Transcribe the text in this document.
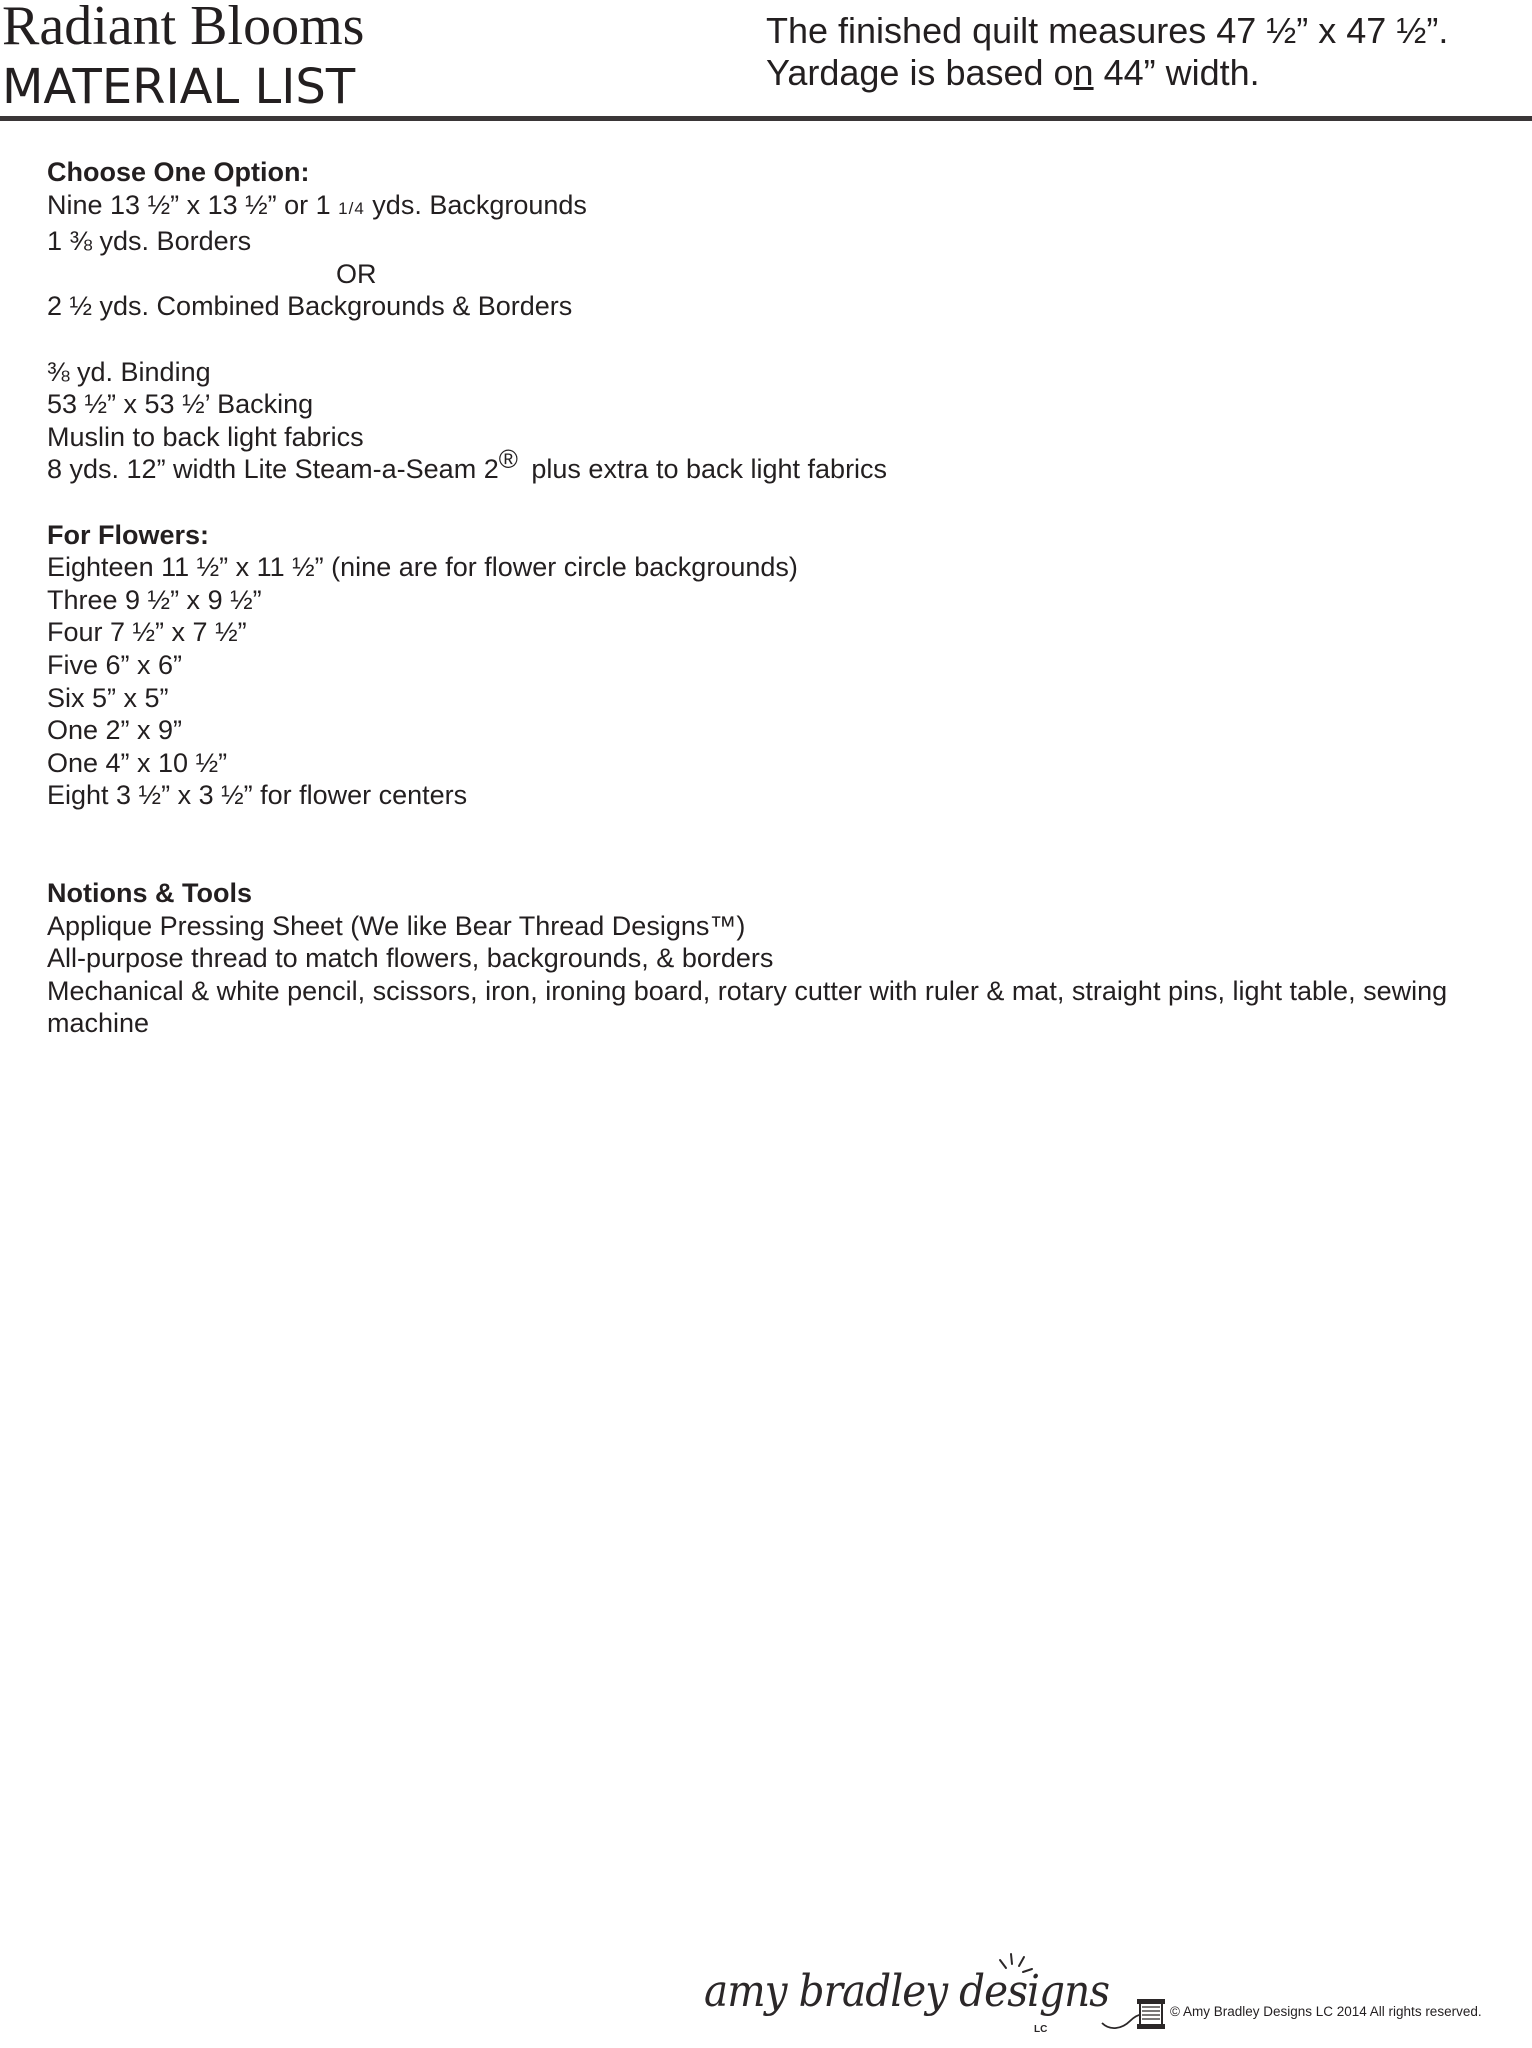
Radiant Blooms
MATERIAL LIST
The finished quilt measures 47 ½” x 47 ½”.
Yardage is based on 44” width.
Choose One Option:
Nine 13 ½” x 13 ½” or 1 1/4 yds. Backgrounds
1 ⅜ yds. Borders
OR
2 ½ yds. Combined Backgrounds & Borders
⅜ yd. Binding
53 ½” x 53 ½’ Backing
Muslin to back light fabrics
8 yds. 12” width Lite Steam-a-Seam 2® plus extra to back light fabrics
For Flowers:
Eighteen 11 ½” x 11 ½” (nine are for flower circle backgrounds)
Three 9 ½” x 9 ½”
Four 7 ½” x 7 ½”
Five 6” x 6”
Six 5” x 5”
One 2” x 9”
One 4” x 10 ½”
Eight 3 ½” x 3 ½” for flower centers
Notions & Tools
Applique Pressing Sheet (We like Bear Thread Designs™)
All-purpose thread to match flowers, backgrounds, & borders
Mechanical & white pencil, scissors, iron, ironing board, rotary cutter with ruler & mat, straight pins, light table, sewing machine
amy bradley designs
LC
© Amy Bradley Designs LC 2014 All rights reserved.
